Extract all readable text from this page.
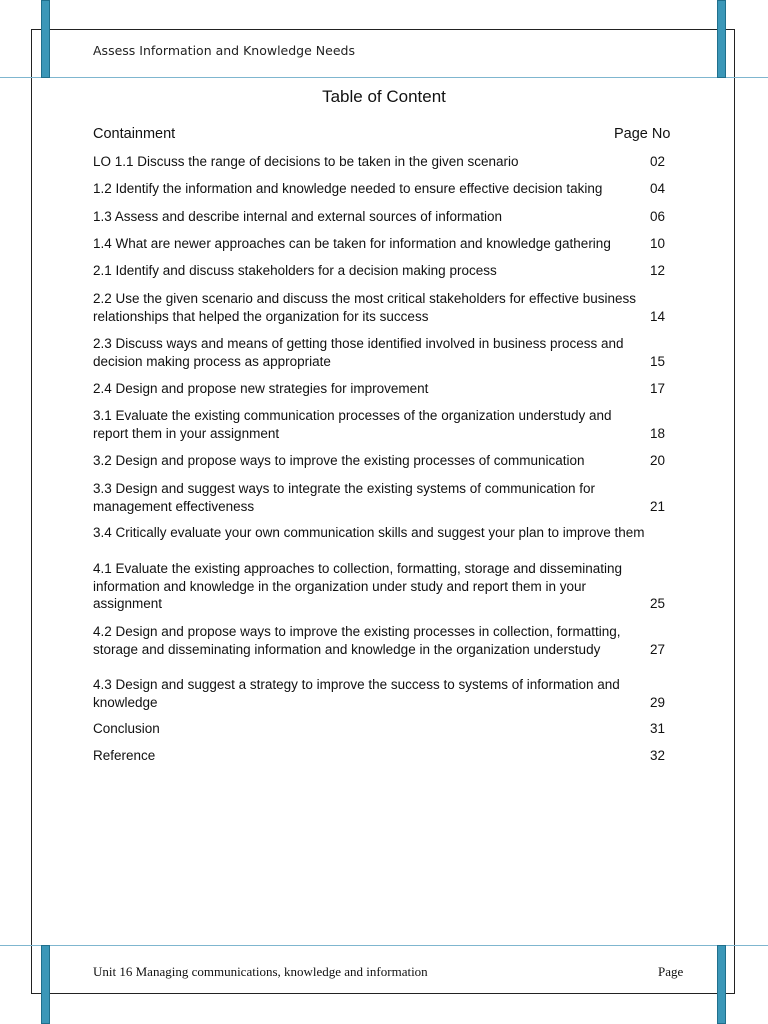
Assess Information and Knowledge Needs
Table of Content
Containment	Page No
LO 1.1 Discuss the range of decisions to be taken in the given scenario	02
1.2 Identify the information and knowledge needed to ensure effective decision taking	04
1.3 Assess and describe internal and external sources of information	06
1.4 What are newer approaches can be taken for information and knowledge gathering	10
2.1 Identify and discuss stakeholders for a decision making process	12
2.2 Use the given scenario and discuss the most critical stakeholders for effective business relationships that helped the organization for its success	14
2.3 Discuss ways and means of getting those identified involved in business process and decision making process as appropriate	15
2.4 Design and propose new strategies for improvement	17
3.1 Evaluate the existing communication processes of the organization understudy and report them in your assignment	18
3.2 Design and propose ways to improve the existing processes of communication	20
3.3 Design and suggest ways to integrate the existing systems of communication for management effectiveness	21
3.4 Critically evaluate your own communication skills and suggest your plan to improve them
4.1 Evaluate the existing approaches to collection, formatting, storage and disseminating information and knowledge in the organization under study and report them in your assignment	25
4.2 Design and propose ways to improve the existing processes in collection, formatting, storage and disseminating information and knowledge in the organization understudy	27
4.3 Design and suggest a strategy to improve the success to systems of information and knowledge	29
Conclusion	31
Reference	32
Unit 16 Managing communications, knowledge and information	Page
